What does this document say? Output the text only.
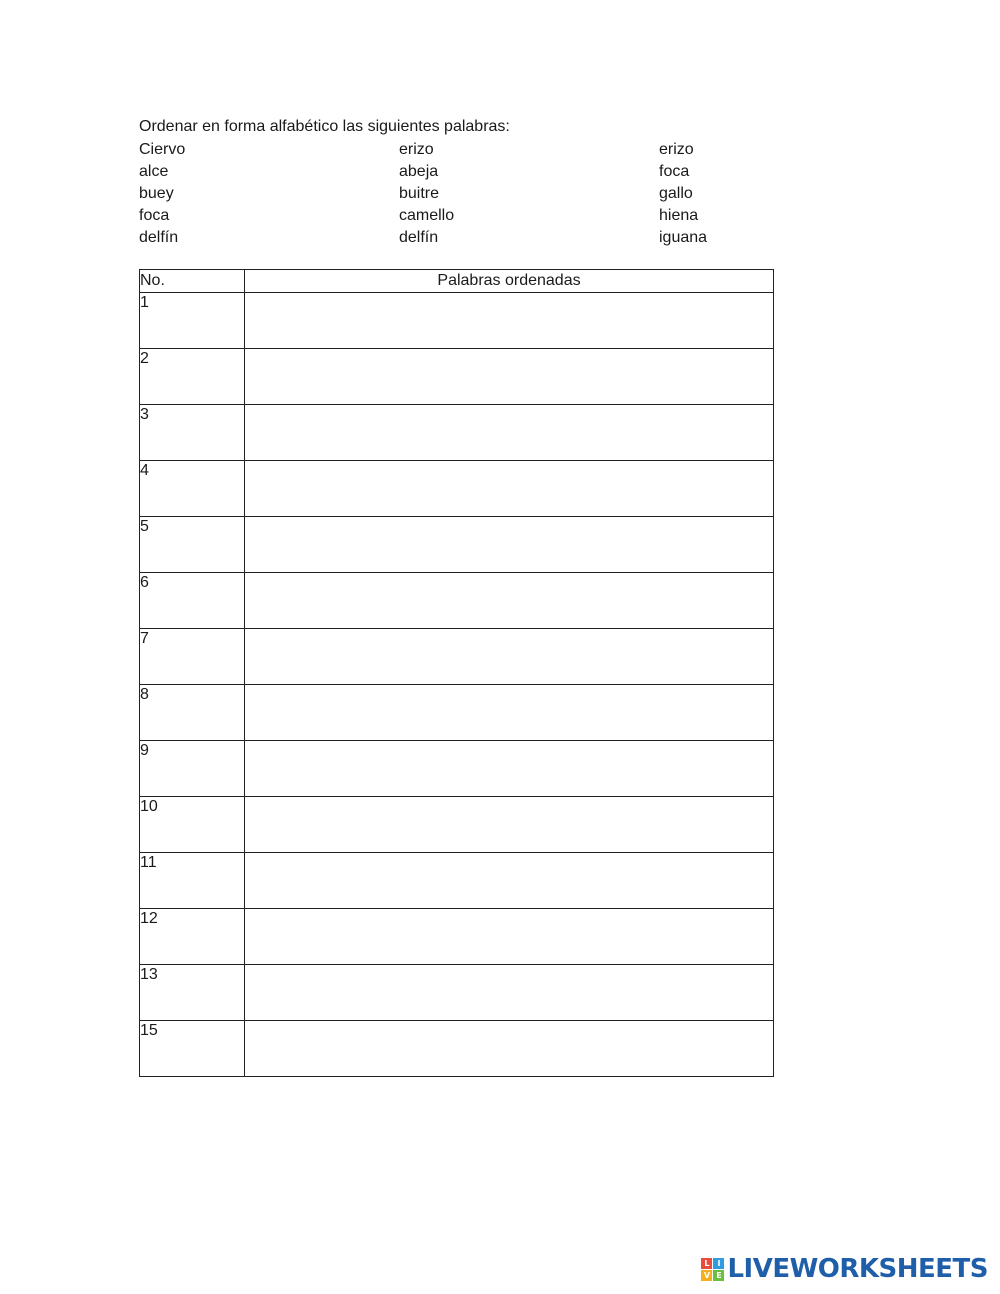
Ordenar en forma alfabético las siguientes palabras:
Ciervo	erizo	erizo
alce	abeja	foca
buey	buitre	gallo
foca	camello	hiena
delfín	delfín	iguana
No.	Palabras ordenadas
1	
2	
3	
4	
5	
6	
7	
8	
9	
10	
11	
12	
13	
15	
L I
V E LIVEWORKSHEETS
